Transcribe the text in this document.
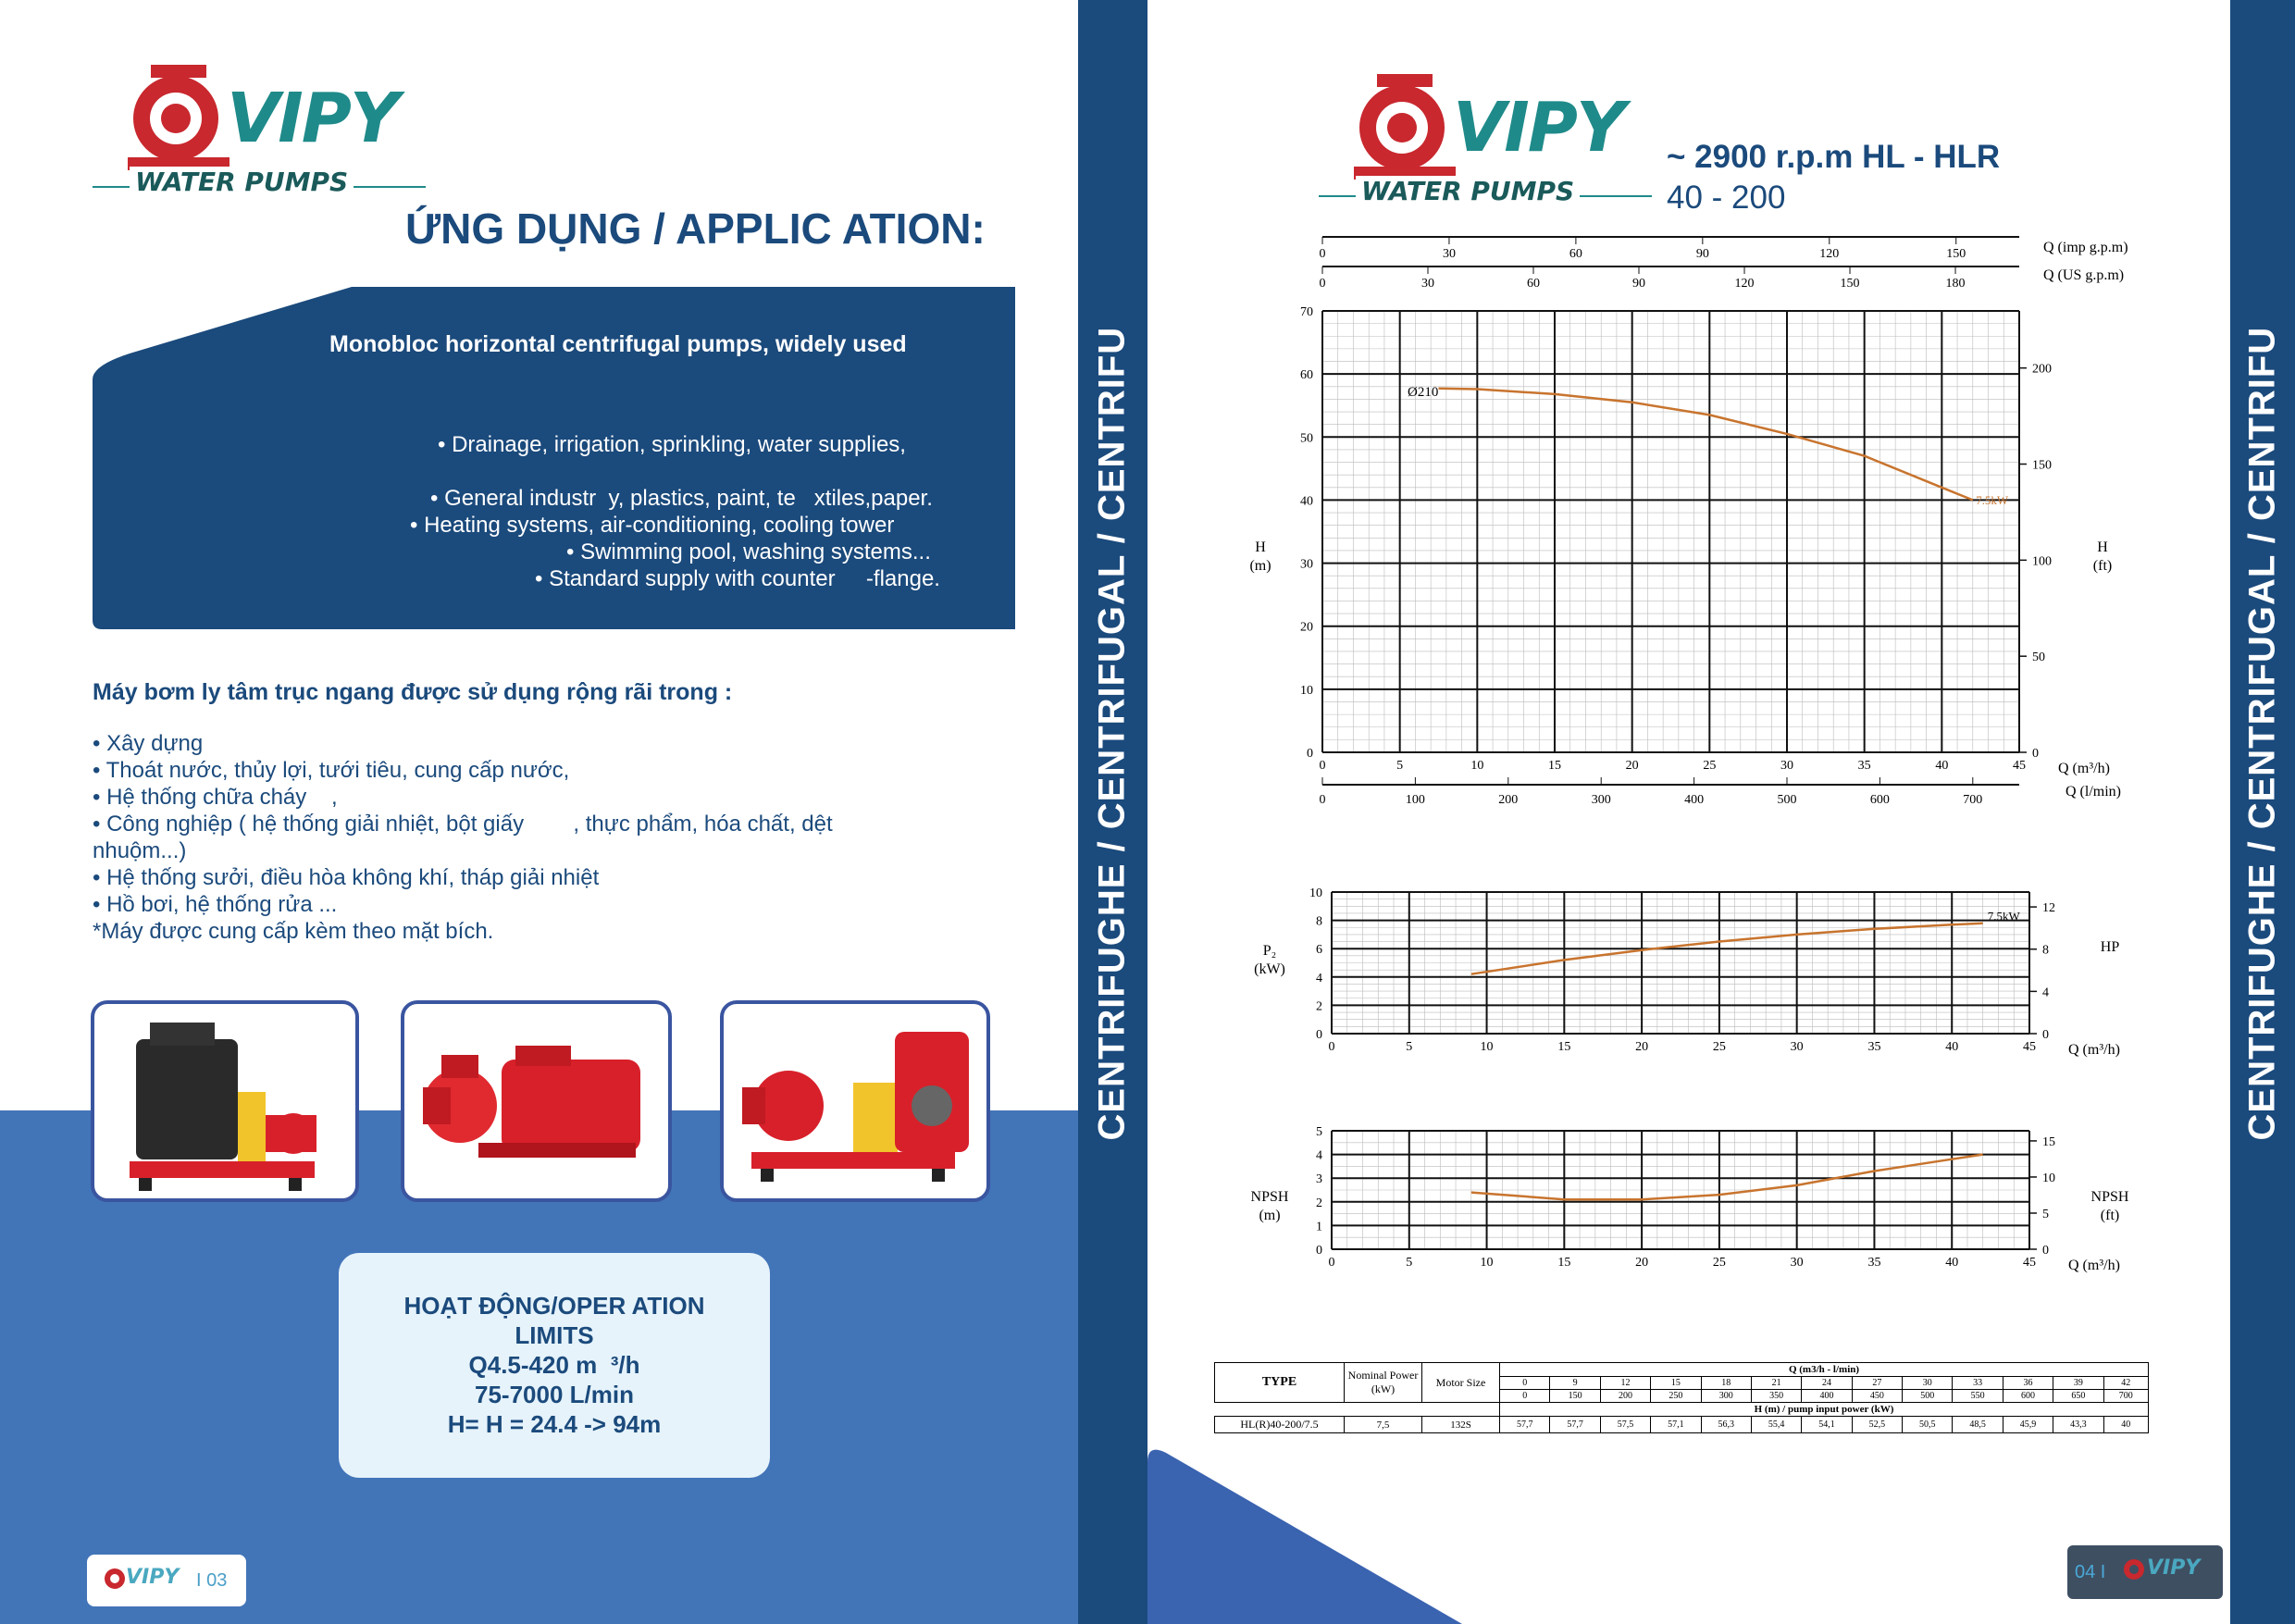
VIPY
WATER PUMPS
ỨNG DỤNG / APPLIC ATION:
Monobloc horizontal centrifugal pumps, widely used
• Drainage, irrigation, sprinkling, water supplies,
• General industr  y, plastics, paint, te   xtiles,paper.
• Heating systems, air-conditioning, cooling tower
• Swimming pool, washing systems...
• Standard supply with counter     -flange.
Máy bơm ly tâm trục ngang được sử dụng rộng rãi trong :
• Xây dựng
• Thoát nước, thủy lợi, tưới tiêu, cung cấp nước,
• Hệ thống chữa cháy    ,
• Công nghiệp ( hệ thống giải nhiệt, bột giấy        , thực phẩm, hóa chất, dệt
nhuộm...)
• Hệ thống sưởi, điều hòa không khí, tháp giải nhiệt
• Hồ bơi, hệ thống rửa ...
*Máy được cung cấp kèm theo mặt bích.
HOẠT ĐỘNG/OPER ATION
LIMITS
Q4.5-420 m  ³/h
75-7000 L/min
H= H = 24.4 -> 94m
VIPY I 03
CENTRIFUGHE / CENTRIFUGAL / CENTRIFU
VIPY
WATER PUMPS
~ 2900 r.p.m HL - HLR
40 - 200
0	5	10	15	20	25	30	35	40	45
0
10
20
30
40
50
60
70
0
50
100
150
200
H
(m)
H
(ft)
Q (m³/h)
0	30	60	90	120	150
0	30	60	90	120	150	180
Q (imp g.p.m)
Q (US g.p.m)
0	100	200	300	400	500	600	700
Q (l/min)
Ø210
7.5kW
0	5	10	15	20	25	30	35	40	45
0
2
4
6
8
10
0
4
8
12
P₂
(kW)
HP
Q (m³/h)
7.5kW
0	5	10	15	20	25	30	35	40	45
0
1
2
3
4
5
0
5
10
15
NPSH
(m)
NPSH
(ft)
Q (m³/h)
TYPE	Nominal Power (kW)	Motor Size	Q (m3/h - l/min)												
			0	9	12	15	18	21	24	27	30	33	36	39	42
			0	150	200	250	300	350	400	450	500	550	600	650	700
			H (m) / pump input power (kW)												
HL(R)40-200/7.5	7,5	132S	57,7	57,7	57,5	57,1	56,3	55,4	54,1	52,5	50,5	48,5	45,9	43,3	40
04 I VIPY
CENTRIFUGHE / CENTRIFUGAL / CENTRIFU
